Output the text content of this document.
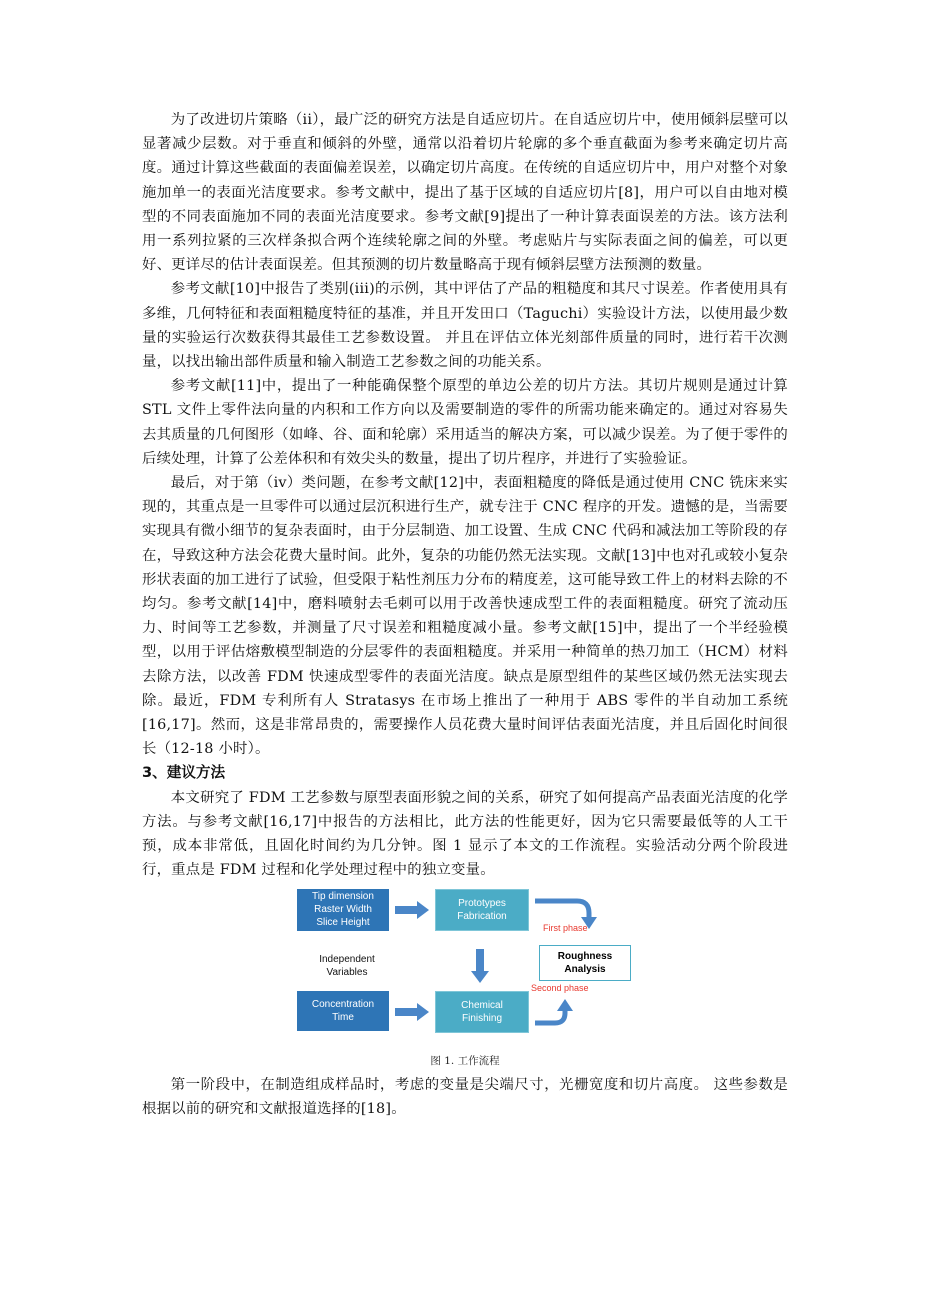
为了改进切片策略（ii），最广泛的研究方法是自适应切片。在自适应切片中，使用倾斜层壁可以显著减少层数。对于垂直和倾斜的外壁，通常以沿着切片轮廓的多个垂直截面为参考来确定切片高度。通过计算这些截面的表面偏差误差，以确定切片高度。在传统的自适应切片中，用户对整个对象施加单一的表面光洁度要求。参考文献中，提出了基于区域的自适应切片[8]，用户可以自由地对模型的不同表面施加不同的表面光洁度要求。参考文献[9]提出了一种计算表面误差的方法。该方法利用一系列拉紧的三次样条拟合两个连续轮廓之间的外壁。考虑贴片与实际表面之间的偏差，可以更好、更详尽的估计表面误差。但其预测的切片数量略高于现有倾斜层壁方法预测的数量。

参考文献[10]中报告了类别(iii)的示例，其中评估了产品的粗糙度和其尺寸误差。作者使用具有多维，几何特征和表面粗糙度特征的基准，并且开发田口（Taguchi）实验设计方法，以使用最少数量的实验运行次数获得其最佳工艺参数设置。 并且在评估立体光刻部件质量的同时，进行若干次测量，以找出输出部件质量和输入制造工艺参数之间的功能关系。

参考文献[11]中，提出了一种能确保整个原型的单边公差的切片方法。其切片规则是通过计算 STL 文件上零件法向量的内积和工作方向以及需要制造的零件的所需功能来确定的。通过对容易失去其质量的几何图形（如峰、谷、面和轮廓）采用适当的解决方案，可以减少误差。为了便于零件的后续处理，计算了公差体积和有效尖头的数量，提出了切片程序，并进行了实验验证。

最后，对于第（iv）类问题，在参考文献[12]中，表面粗糙度的降低是通过使用 CNC 铣床来实现的，其重点是一旦零件可以通过层沉积进行生产，就专注于 CNC 程序的开发。遗憾的是，当需要实现具有微小细节的复杂表面时，由于分层制造、加工设置、生成 CNC 代码和减法加工等阶段的存在，导致这种方法会花费大量时间。此外，复杂的功能仍然无法实现。文献[13]中也对孔或较小复杂形状表面的加工进行了试验，但受限于粘性剂压力分布的精度差，这可能导致工件上的材料去除的不均匀。参考文献[14]中，磨料喷射去毛刺可以用于改善快速成型工件的表面粗糙度。研究了流动压力、时间等工艺参数，并测量了尺寸误差和粗糙度减小量。参考文献[15]中，提出了一个半经验模型，以用于评估熔敷模型制造的分层零件的表面粗糙度。并采用一种简单的热刀加工（HCM）材料去除方法，以改善 FDM 快速成型零件的表面光洁度。缺点是原型组件的某些区域仍然无法实现去除。最近，FDM 专利所有人 Stratasys 在市场上推出了一种用于 ABS 零件的半自动加工系统[16,17]。然而，这是非常昂贵的，需要操作人员花费大量时间评估表面光洁度，并且后固化时间很长（12-18 小时）。

3、建议方法

本文研究了 FDM 工艺参数与原型表面形貌之间的关系，研究了如何提高产品表面光洁度的化学方法。与参考文献[16,17]中报告的方法相比，此方法的性能更好，因为它只需要最低等的人工干预，成本非常低，且固化时间约为几分钟。图 1 显示了本文的工作流程。实验活动分两个阶段进行，重点是 FDM 过程和化学处理过程中的独立变量。

Tip dimension
Raster Width
Slice Height
Prototypes Fabrication
First phase
Independent Variables
Roughness Analysis
Concentration Time
Chemical Finishing
Second phase
图 1. 工作流程

第一阶段中，在制造组成样品时，考虑的变量是尖端尺寸，光栅宽度和切片高度。 这些参数是根据以前的研究和文献报道选择的[18]。
